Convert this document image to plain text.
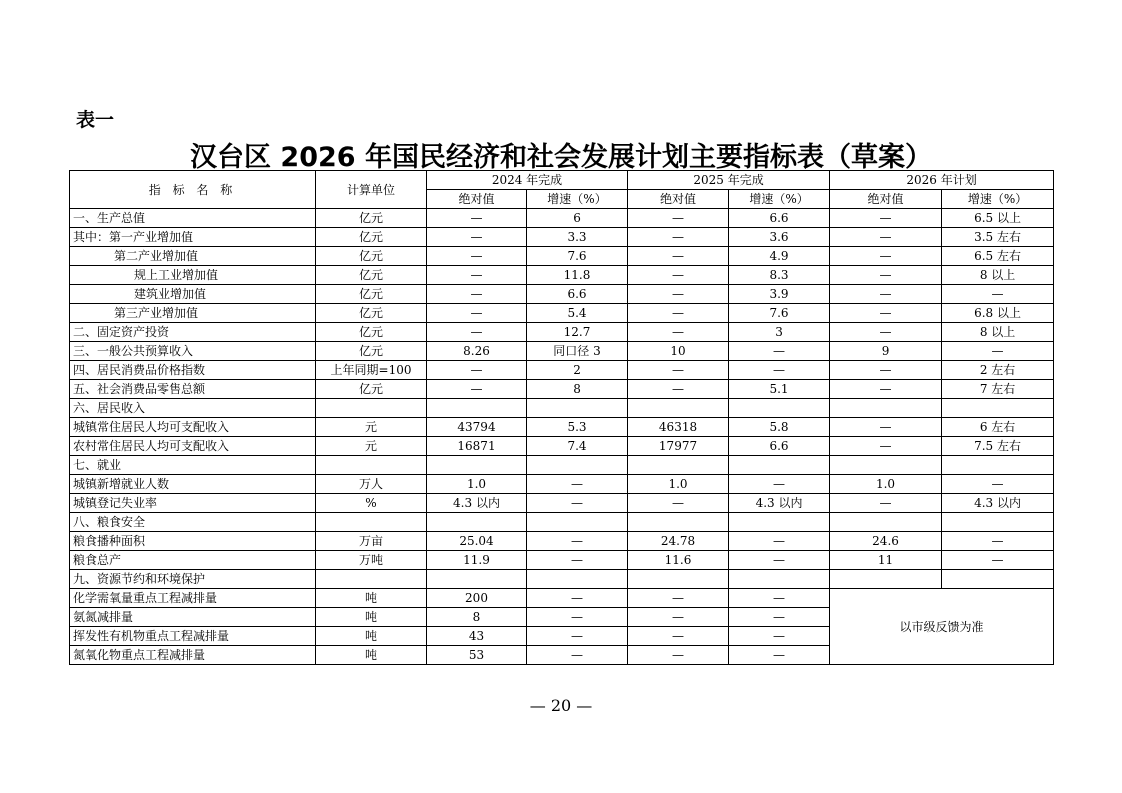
表一
汉台区 2026 年国民经济和社会发展计划主要指标表（草案）
指 标 名 称	计算单位	2024 年完成		2025 年完成		2026 年计划	
		绝对值	增速（%）	绝对值	增速（%）	绝对值	增速（%）
一、生产总值	亿元	—	6	—	6.6	—	6.5 以上
其中：第一产业增加值	亿元	—	3.3	—	3.6	—	3.5 左右
第二产业增加值	亿元	—	7.6	—	4.9	—	6.5 左右
规上工业增加值	亿元	—	11.8	—	8.3	—	8 以上
建筑业增加值	亿元	—	6.6	—	3.9	—	—
第三产业增加值	亿元	—	5.4	—	7.6	—	6.8 以上
二、固定资产投资	亿元	—	12.7	—	3	—	8 以上
三、一般公共预算收入	亿元	8.26	同口径 3	10	—	9	—
四、居民消费品价格指数	上年同期=100	—	2	—	—	—	2 左右
五、社会消费品零售总额	亿元	—	8	—	5.1	—	7 左右
六、居民收入							
城镇常住居民人均可支配收入	元	43794	5.3	46318	5.8	—	6 左右
农村常住居民人均可支配收入	元	16871	7.4	17977	6.6	—	7.5 左右
七、就业							
城镇新增就业人数	万人	1.0	—	1.0	—	1.0	—
城镇登记失业率	%	4.3 以内	—	—	4.3 以内	—	4.3 以内
八、粮食安全							
粮食播种面积	万亩	25.04	—	24.78	—	24.6	—
粮食总产	万吨	11.9	—	11.6	—	11	—
九、资源节约和环境保护							
化学需氧量重点工程减排量	吨	200	—	—	—	以市级反馈为准	
氨氮减排量	吨	8	—	—	—		
挥发性有机物重点工程减排量	吨	43	—	—	—		
氮氧化物重点工程减排量	吨	53	—	—	—		
— 20 —
